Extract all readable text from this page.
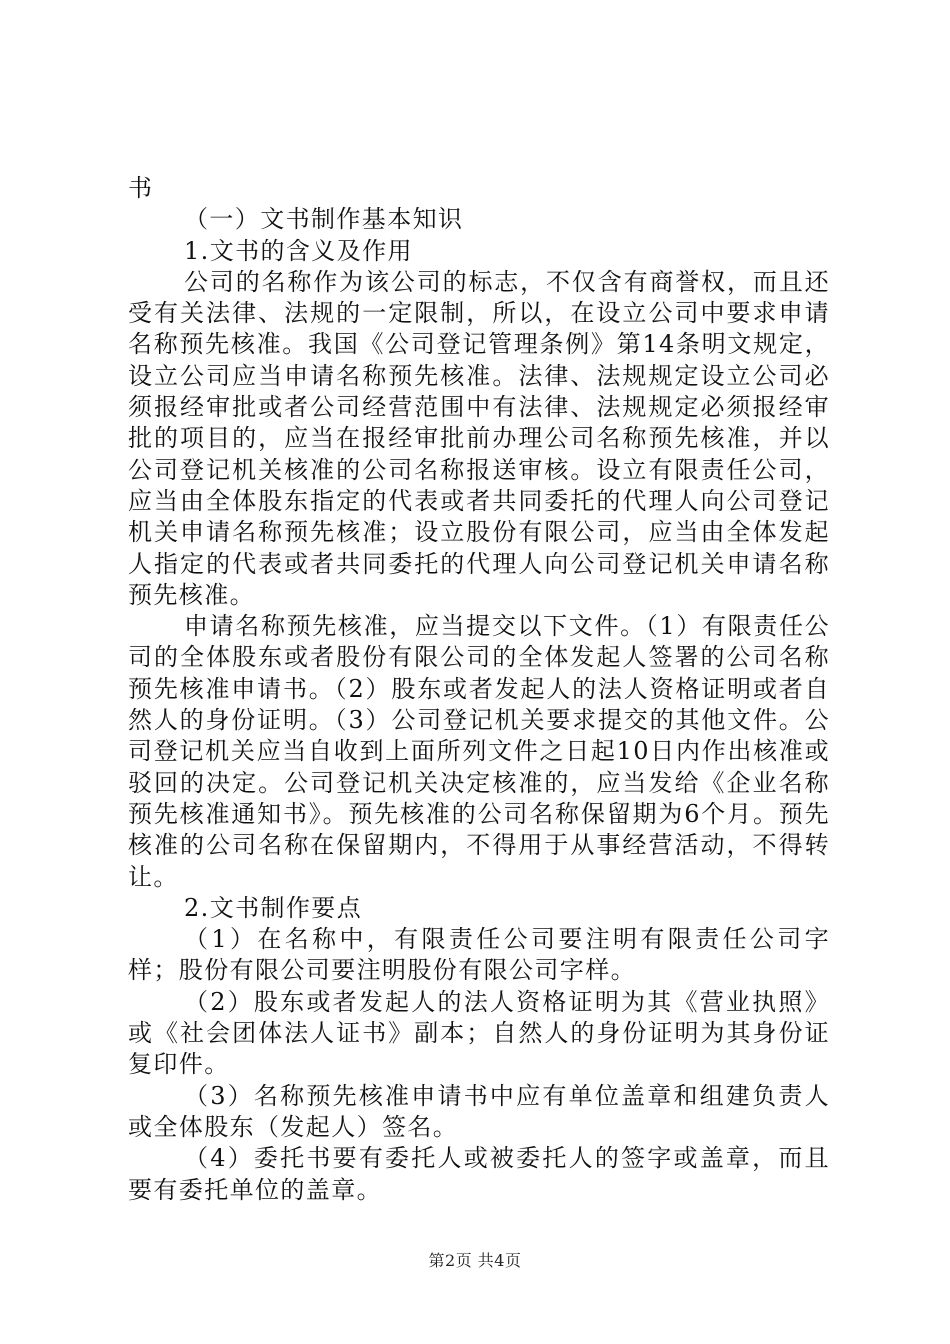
书

（一）文书制作基本知识

1.文书的含义及作用

公司的名称作为该公司的标志，不仅含有商誉权，而且还受有关法律、法规的一定限制，所以，在设立公司中要求申请名称预先核准。我国《公司登记管理条例》第14条明文规定，设立公司应当申请名称预先核准。法律、法规规定设立公司必须报经审批或者公司经营范围中有法律、法规规定必须报经审批的项目的，应当在报经审批前办理公司名称预先核准，并以公司登记机关核准的公司名称报送审核。设立有限责任公司，应当由全体股东指定的代表或者共同委托的代理人向公司登记机关申请名称预先核准；设立股份有限公司，应当由全体发起人指定的代表或者共同委托的代理人向公司登记机关申请名称预先核准。

申请名称预先核准，应当提交以下文件。（1）有限责任公司的全体股东或者股份有限公司的全体发起人签署的公司名称预先核准申请书。（2）股东或者发起人的法人资格证明或者自然人的身份证明。（3）公司登记机关要求提交的其他文件。公司登记机关应当自收到上面所列文件之日起10日内作出核准或驳回的决定。公司登记机关决定核准的，应当发给《企业名称预先核准通知书》。预先核准的公司名称保留期为6个月。预先核准的公司名称在保留期内，不得用于从事经营活动，不得转让。

2.文书制作要点

（1）在名称中，有限责任公司要注明有限责任公司字样；股份有限公司要注明股份有限公司字样。

（2）股东或者发起人的法人资格证明为其《营业执照》或《社会团体法人证书》副本；自然人的身份证明为其身份证复印件。

（3）名称预先核准申请书中应有单位盖章和组建负责人或全体股东（发起人）签名。

（4）委托书要有委托人或被委托人的签字或盖章，而且要有委托单位的盖章。

第2页 共4页
